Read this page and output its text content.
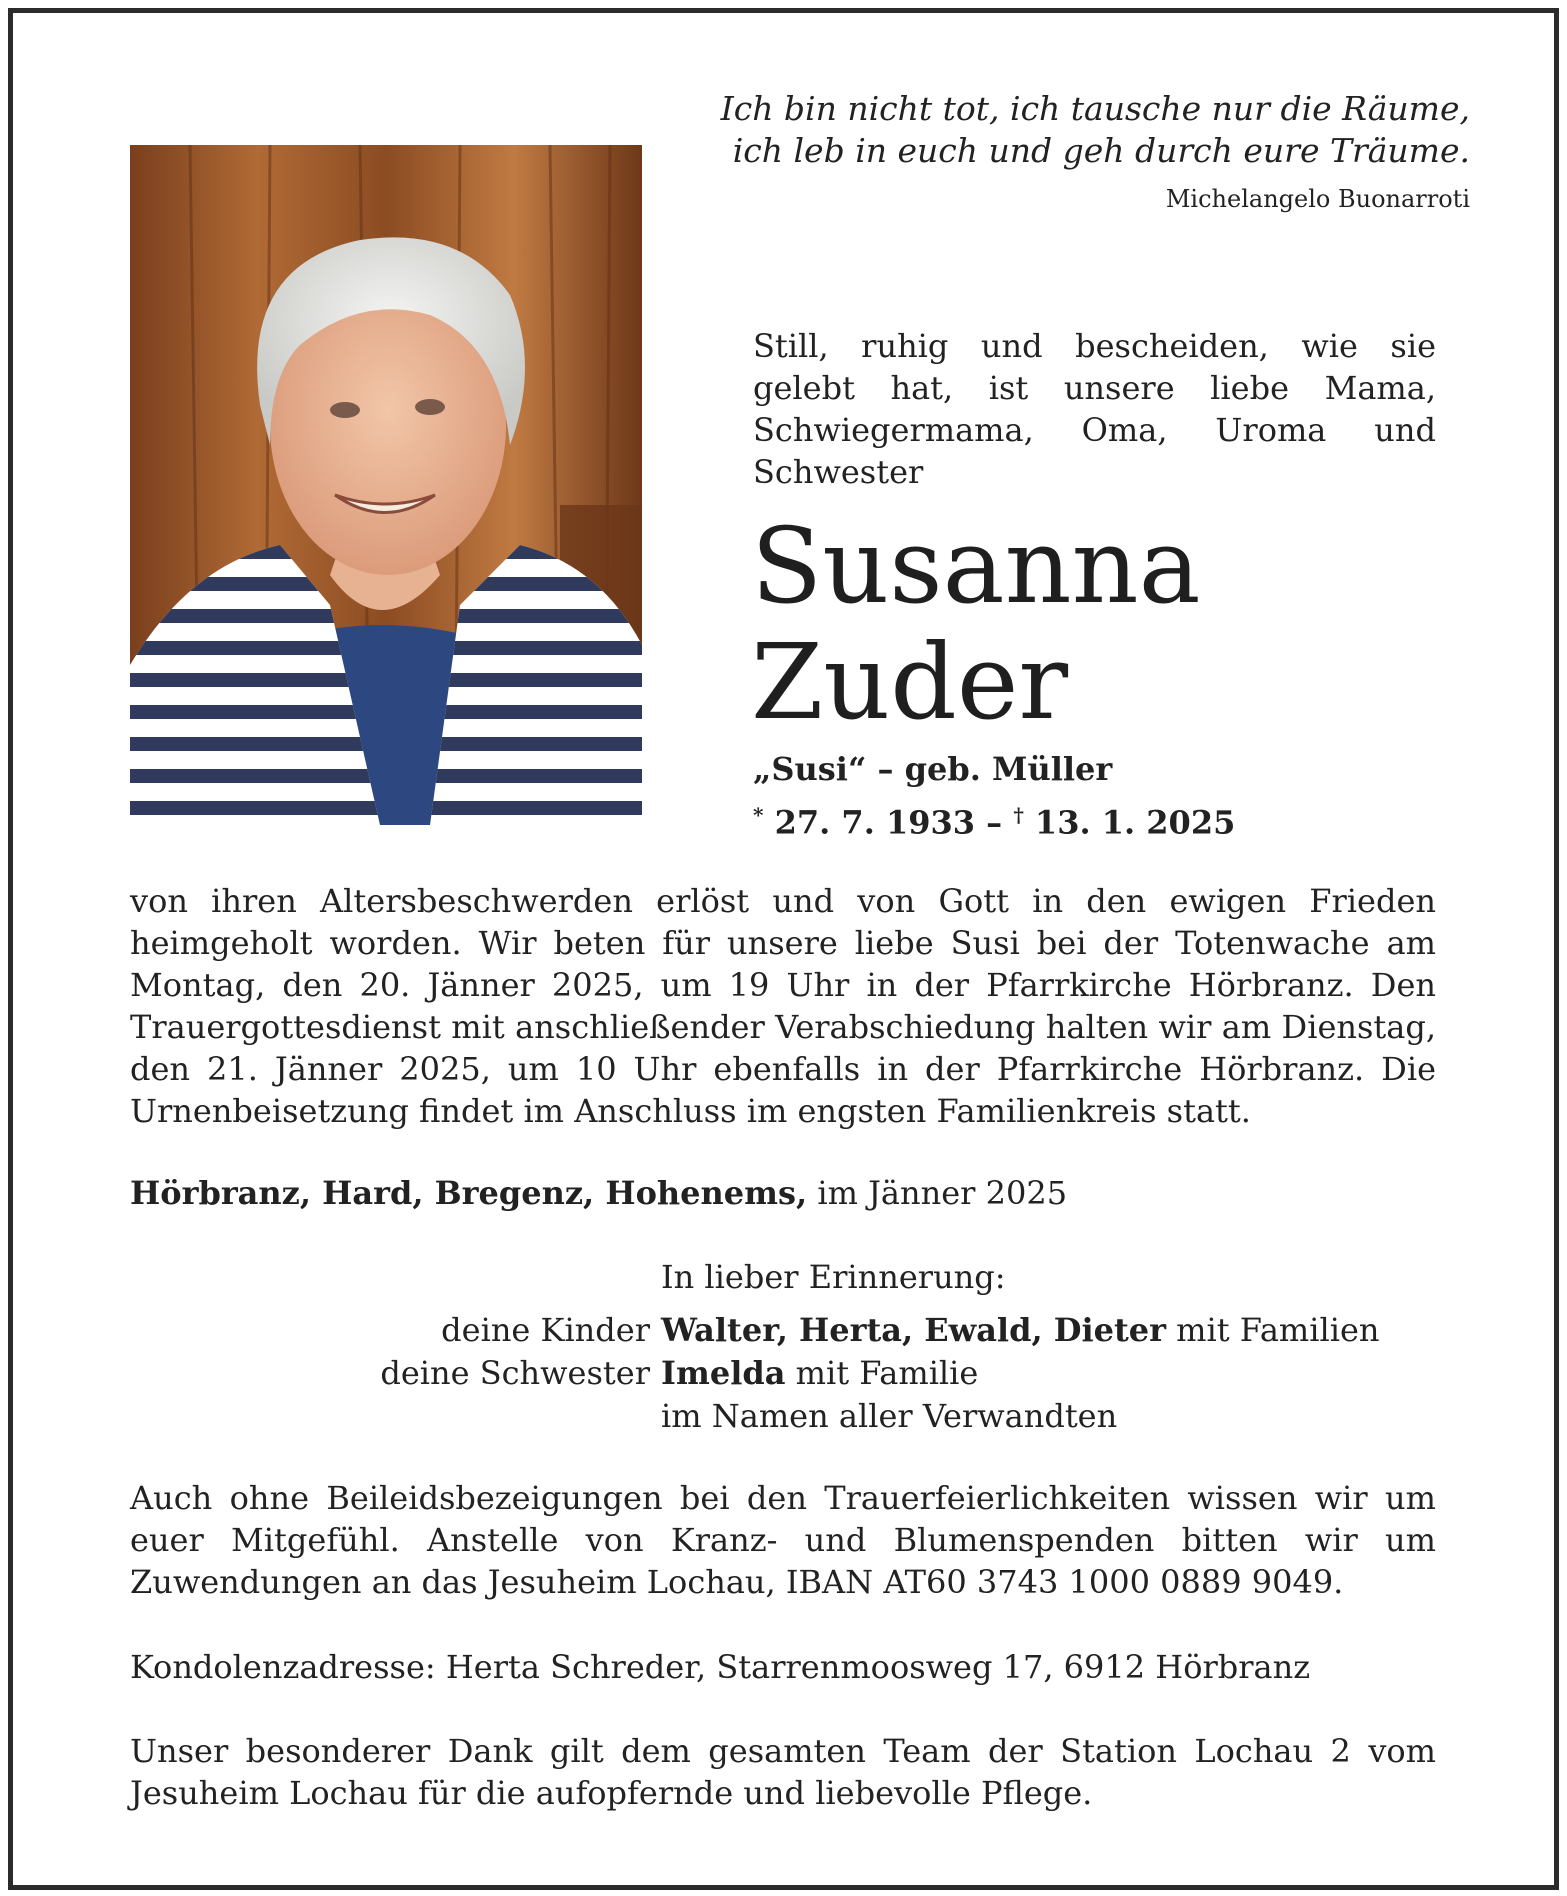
Ich bin nicht tot, ich tausche nur die Räume,
ich leb in euch und geh durch eure Träume.
Michelangelo Buonarroti
Still, ruhig und bescheiden, wie sie gelebt hat, ist unsere liebe Mama, Schwiegermama, Oma, Uroma und Schwester
Susanna
Zuder
„Susi“ – geb. Müller
* 27. 7. 1933 – † 13. 1. 2025
von ihren Altersbeschwerden erlöst und von Gott in den ewigen Frieden heimgeholt worden. Wir beten für unsere liebe Susi bei der Totenwache am Montag, den 20. Jänner 2025, um 19 Uhr in der Pfarrkirche Hörbranz. Den Trauergottesdienst mit anschließender Verabschiedung halten wir am Dienstag, den 21. Jänner 2025, um 10 Uhr ebenfalls in der Pfarrkirche Hörbranz. Die Urnenbeisetzung findet im Anschluss im engsten Familienkreis statt.
Hörbranz, Hard, Bregenz, Hohenems, im Jänner 2025
In lieber Erinnerung:
deine Kinder Walter, Herta, Ewald, Dieter mit Familien
deine Schwester Imelda mit Familie
im Namen aller Verwandten
Auch ohne Beileidsbezeigungen bei den Trauerfeierlichkeiten wissen wir um euer Mitgefühl. Anstelle von Kranz- und Blumenspenden bitten wir um Zuwendungen an das Jesuheim Lochau, IBAN AT60 3743 1000 0889 9049.
Kondolenzadresse: Herta Schreder, Starrenmoosweg 17, 6912 Hörbranz
Unser besonderer Dank gilt dem gesamten Team der Station Lochau 2 vom Jesuheim Lochau für die aufopfernde und liebevolle Pflege.
